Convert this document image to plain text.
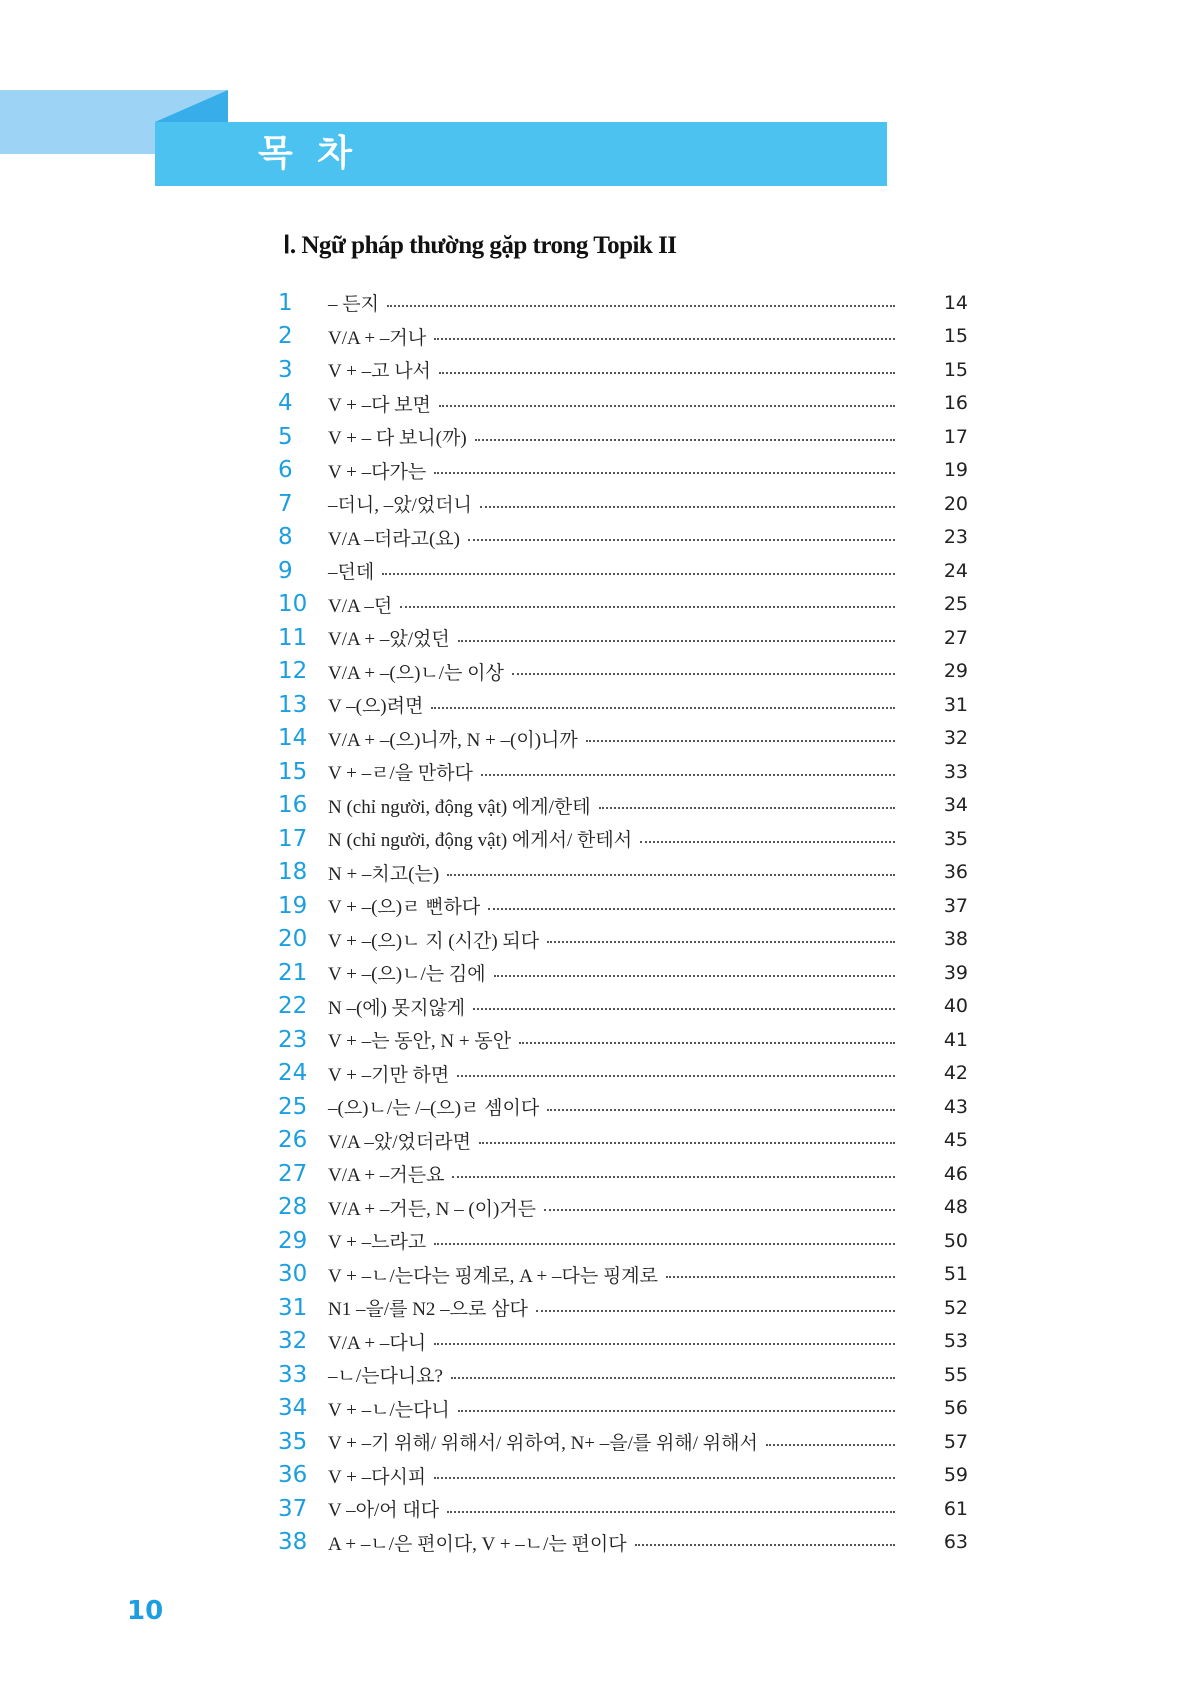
목 차
Ⅰ. Ngữ pháp thường gặp trong Topik II
1	– 든지	14
2	V/A + –거나	15
3	V + –고 나서	15
4	V + –다 보면	16
5	V + – 다 보니(까)	17
6	V + –다가는	19
7	–더니, –았/었더니	20
8	V/A –더라고(요)	23
9	–던데	24
10	V/A –던	25
11	V/A + –았/었던	27
12	V/A + –(으)ㄴ/는 이상	29
13	V –(으)려면	31
14	V/A + –(으)니까, N + –(이)니까	32
15	V + –ㄹ/을 만하다	33
16	N (chỉ người, động vật) 에게/한테	34
17	N (chỉ người, động vật) 에게서/ 한테서	35
18	N + –치고(는)	36
19	V + –(으)ㄹ 뻔하다	37
20	V + –(으)ㄴ 지 (시간) 되다	38
21	V + –(으)ㄴ/는 김에	39
22	N –(에) 못지않게	40
23	V + –는 동안, N + 동안	41
24	V + –기만 하면	42
25	–(으)ㄴ/는 /–(으)ㄹ 셈이다	43
26	V/A –았/었더라면	45
27	V/A + –거든요	46
28	V/A + –거든, N – (이)거든	48
29	V + –느라고	50
30	V + –ㄴ/는다는 핑계로, A + –다는 핑계로	51
31	N1 –을/를 N2 –으로 삼다	52
32	V/A + –다니	53
33	–ㄴ/는다니요?	55
34	V + –ㄴ/는다니	56
35	V + –기 위해/ 위해서/ 위하여, N+ –을/를 위해/ 위해서	57
36	V + –다시피	59
37	V –아/어 대다	61
38	A + –ㄴ/은 편이다, V + –ㄴ/는 편이다	63
10
